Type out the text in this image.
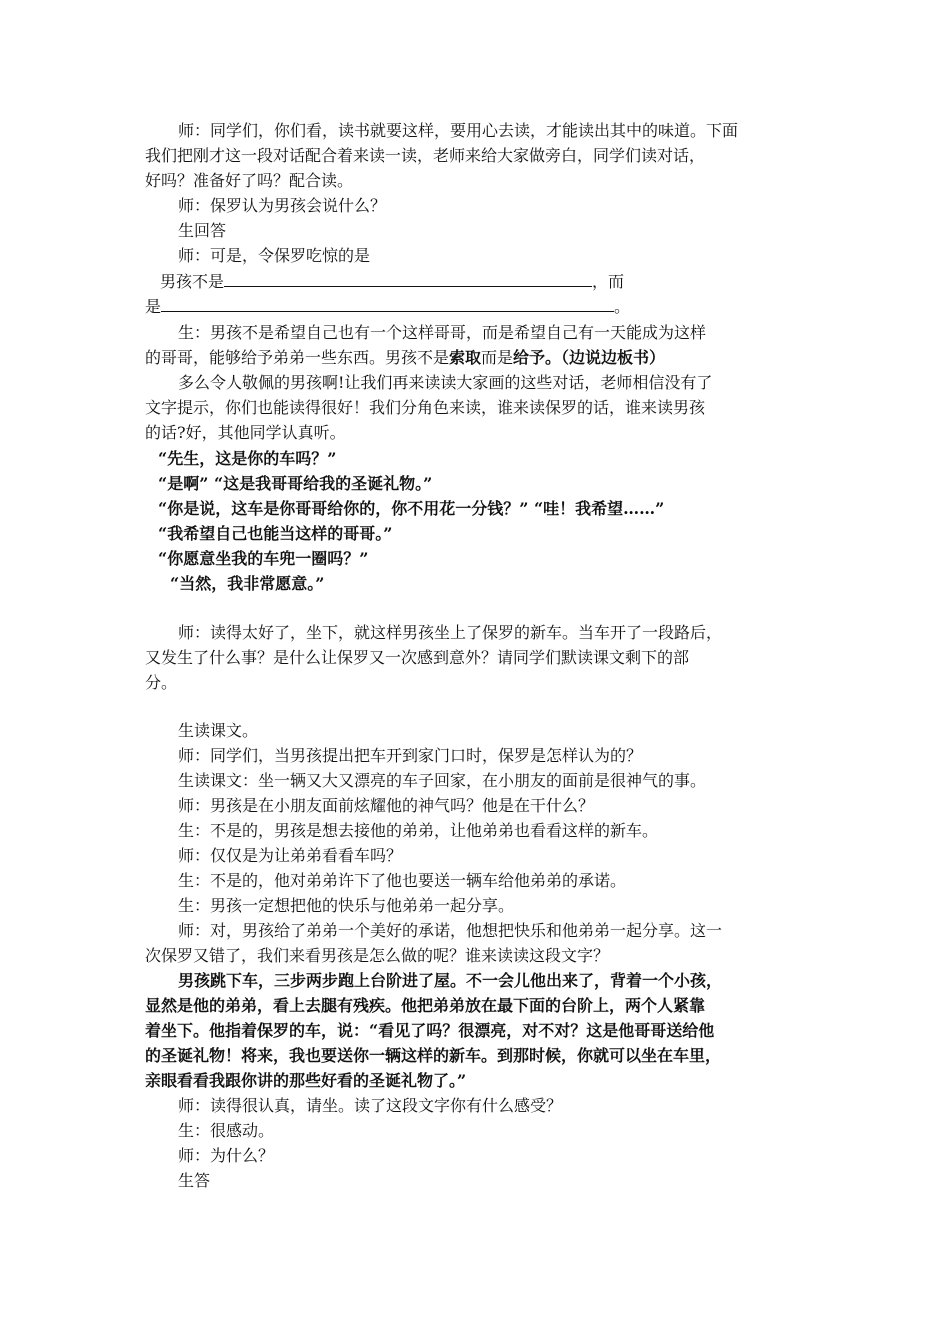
师：同学们，你们看，读书就要这样，要用心去读，才能读出其中的味道。下面
我们把刚才这一段对话配合着来读一读，老师来给大家做旁白，同学们读对话，
好吗？准备好了吗？配合读。
师：保罗认为男孩会说什么？
生回答
师：可是，令保罗吃惊的是
男孩不是	，而
是	。
生：男孩不是希望自己也有一个这样哥哥，而是希望自己有一天能成为这样
的哥哥，能够给予弟弟一些东西。男孩不是索取而是给予。（边说边板书）
多么令人敬佩的男孩啊!让我们再来读读大家画的这些对话，老师相信没有了
文字提示，你们也能读得很好！我们分角色来读，谁来读保罗的话，谁来读男孩
的话?好，其他同学认真听。
“先生，这是你的车吗？”
“是啊” “这是我哥哥给我的圣诞礼物。”
“你是说，这车是你哥哥给你的，你不用花一分钱？” “哇！我希望……”
“我希望自己也能当这样的哥哥。”
“你愿意坐我的车兜一圈吗？”
“当然，我非常愿意。”
师：读得太好了，坐下，就这样男孩坐上了保罗的新车。当车开了一段路后，
又发生了什么事？是什么让保罗又一次感到意外？请同学们默读课文剩下的部
分。
生读课文。
师：同学们，当男孩提出把车开到家门口时，保罗是怎样认为的？
生读课文：坐一辆又大又漂亮的车子回家，在小朋友的面前是很神气的事。
师：男孩是在小朋友面前炫耀他的神气吗？他是在干什么？
生：不是的，男孩是想去接他的弟弟，让他弟弟也看看这样的新车。
师：仅仅是为让弟弟看看车吗？
生：不是的，他对弟弟许下了他也要送一辆车给他弟弟的承诺。
生：男孩一定想把他的快乐与他弟弟一起分享。
师：对，男孩给了弟弟一个美好的承诺，他想把快乐和他弟弟一起分享。这一
次保罗又错了，我们来看男孩是怎么做的呢？谁来读读这段文字？
男孩跳下车，三步两步跑上台阶进了屋。不一会儿他出来了，背着一个小孩，
显然是他的弟弟，看上去腿有残疾。他把弟弟放在最下面的台阶上，两个人紧靠
着坐下。他指着保罗的车，说：“看见了吗？很漂亮，对不对？这是他哥哥送给他
的圣诞礼物！将来，我也要送你一辆这样的新车。到那时候，你就可以坐在车里，
亲眼看看我跟你讲的那些好看的圣诞礼物了。”
师：读得很认真，请坐。读了这段文字你有什么感受？
生：很感动。
师：为什么？
生答
